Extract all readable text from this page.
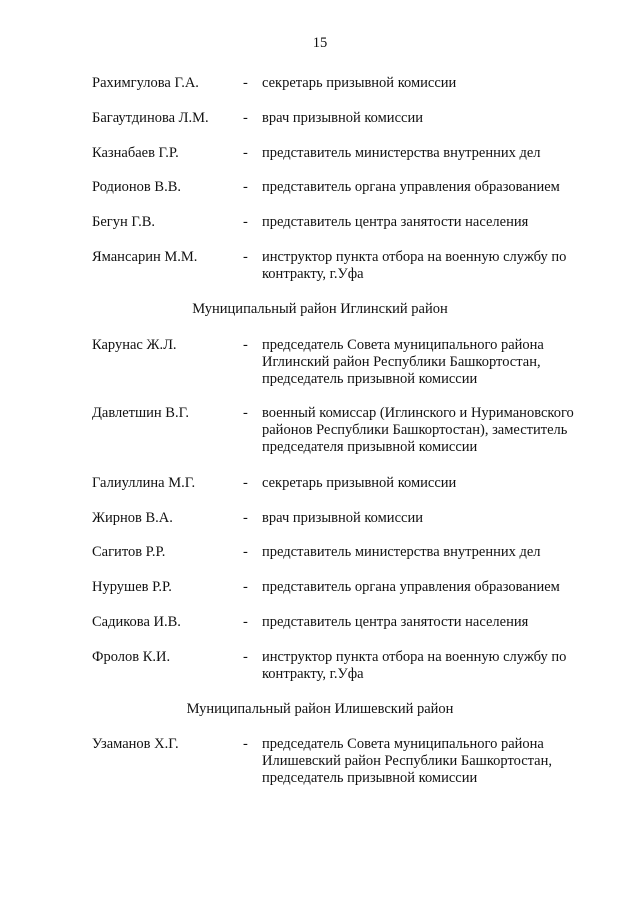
15
Рахимгулова Г.А.	- секретарь призывной комиссии
Багаутдинова Л.М. - врач призывной комиссии
Казнабаев Г.Р.	- представитель министерства внутренних дел
Родионов В.В.	- представитель органа управления образованием
Бегун Г.В.	- представитель центра занятости населения
Ямансарин М.М.	- инструктор пункта отбора на военную службу по
контракту, г.Уфа
Муниципальный район Иглинский район
Карунас Ж.Л.	- председатель Совета муниципального района
Иглинский район Республики Башкортостан,
председатель призывной комиссии
Давлетшин В.Г.	- военный комиссар (Иглинского и Нуримановского
районов Республики Башкортостан), заместитель
председателя призывной комиссии
Галиуллина М.Г.	- секретарь призывной комиссии
Жирнов В.А.	- врач призывной комиссии
Сагитов Р.Р.	- представитель министерства внутренних дел
Нурушев Р.Р.	- представитель органа управления образованием
Садикова И.В.	- представитель центра занятости населения
Фролов К.И.	- инструктор пункта отбора на военную службу по
контракту, г.Уфа
Муниципальный район Илишевский район
Узаманов Х.Г.	- председатель Совета муниципального района
Илишевский район Республики Башкортостан,
председатель призывной комиссии
